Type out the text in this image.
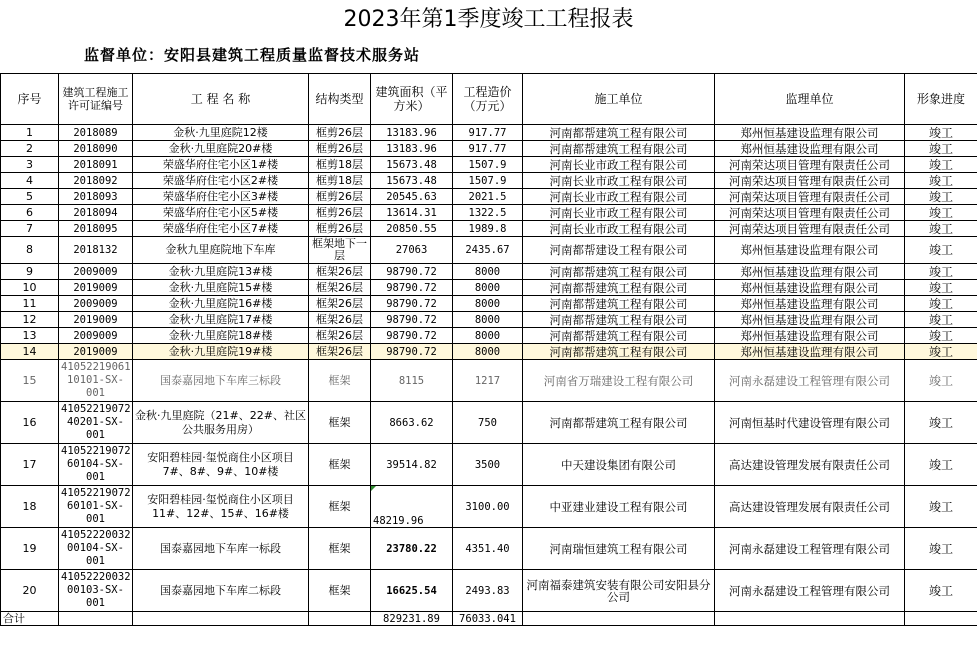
2023年第1季度竣工工程报表
监督单位：安阳县建筑工程质量监督技术服务站
序号	建筑工程施工许可证编号	工 程 名 称	结构类型	建筑面积（平方米）	工程造价（万元）	施工单位	监理单位	形象进度
1	2018089	金秋·九里庭院12楼	框剪26层	13183.96	917.77	河南都帮建筑工程有限公司	郑州恒基建设监理有限公司	竣工
2	2018090	金秋·九里庭院20#楼	框剪26层	13183.96	917.77	河南都帮建筑工程有限公司	郑州恒基建设监理有限公司	竣工
3	2018091	荣盛华府住宅小区1#楼	框剪18层	15673.48	1507.9	河南长业市政工程有限公司	河南荣达项目管理有限责任公司	竣工
4	2018092	荣盛华府住宅小区2#楼	框剪18层	15673.48	1507.9	河南长业市政工程有限公司	河南荣达项目管理有限责任公司	竣工
5	2018093	荣盛华府住宅小区3#楼	框剪26层	20545.63	2021.5	河南长业市政工程有限公司	河南荣达项目管理有限责任公司	竣工
6	2018094	荣盛华府住宅小区5#楼	框剪26层	13614.31	1322.5	河南长业市政工程有限公司	河南荣达项目管理有限责任公司	竣工
7	2018095	荣盛华府住宅小区7#楼	框剪26层	20850.55	1989.8	河南长业市政工程有限公司	河南荣达项目管理有限责任公司	竣工
8	2018132	金秋九里庭院地下车库	框架地下一层	27063	2435.67	河南都帮建设工程有限公司	郑州恒基建设监理有限公司	竣工
9	2009009	金秋·九里庭院13#楼	框架26层	98790.72	8000	河南都帮建筑工程有限公司	郑州恒基建设监理有限公司	竣工
10	2019009	金秋·九里庭院15#楼	框架26层	98790.72	8000	河南都帮建筑工程有限公司	郑州恒基建设监理有限公司	竣工
11	2009009	金秋·九里庭院16#楼	框架26层	98790.72	8000	河南都帮建筑工程有限公司	郑州恒基建设监理有限公司	竣工
12	2019009	金秋·九里庭院17#楼	框架26层	98790.72	8000	河南都帮建筑工程有限公司	郑州恒基建设监理有限公司	竣工
13	2009009	金秋·九里庭院18#楼	框架26层	98790.72	8000	河南都帮建筑工程有限公司	郑州恒基建设监理有限公司	竣工
14	2019009	金秋·九里庭院19#楼	框架26层	98790.72	8000	河南都帮建筑工程有限公司	郑州恒基建设监理有限公司	竣工
15	41052219061 10101-SX-001	国泰嘉园地下车库三标段	框架	8115	1217	河南省万瑞建设工程有限公司	河南永磊建设工程管理有限公司	竣工
16	41052219072 40201-SX-001	金秋·九里庭院（21#、22#、社区公共服务用房）	框架	8663.62	750	河南都帮建筑工程有限公司	河南恒基时代建设管理有限公司	竣工
17	41052219072 60104-SX-001	安阳碧桂园·玺悦商住小区项目7#、8#、9#、10#楼	框架	39514.82	3500	中天建设集团有限公司	高达建设管理发展有限责任公司	竣工
18	41052219072 60101-SX-001	安阳碧桂园·玺悦商住小区项目11#、12#、15#、16#楼	框架	48219.96	3100.00	中亚建业建设工程有限公司	高达建设管理发展有限责任公司	竣工
19	41052220032 00104-SX-001	国泰嘉园地下车库一标段	框架	23780.22	4351.40	河南瑞恒建筑工程有限公司	河南永磊建设工程管理有限公司	竣工
20	41052220032 00103-SX-001	国泰嘉园地下车库二标段	框架	16625.54	2493.83	河南福泰建筑安装有限公司安阳县分公司	河南永磊建设工程管理有限公司	竣工
合计				829231.89	76033.041			
